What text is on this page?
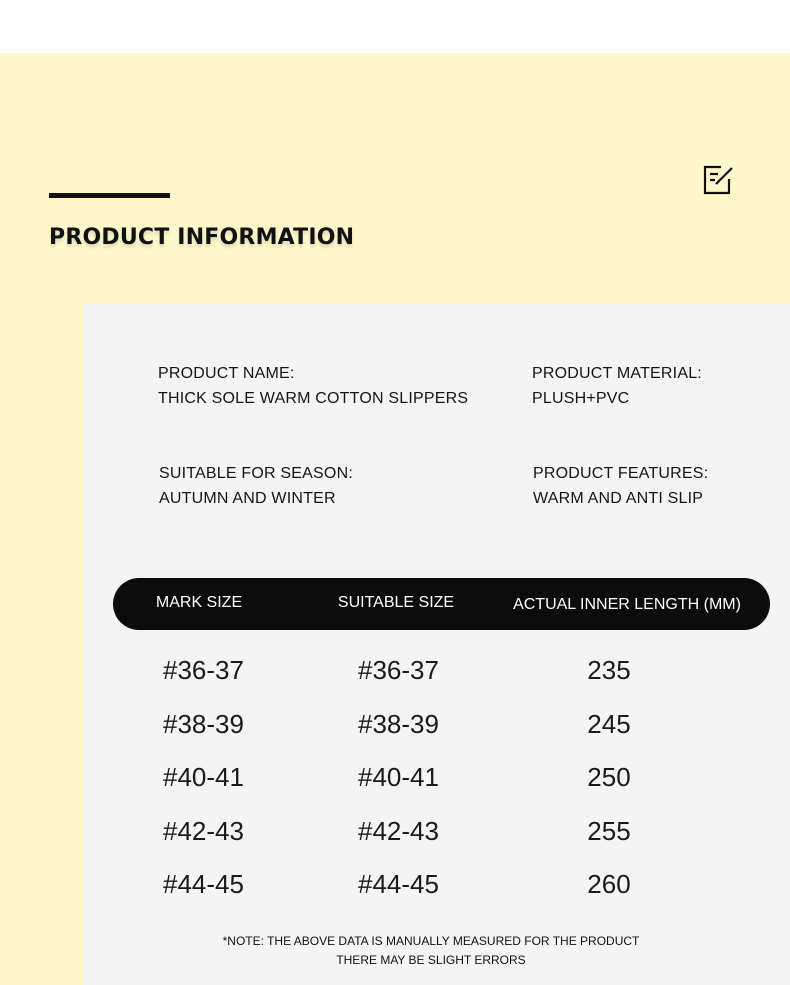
PRODUCT INFORMATION
PRODUCT NAME:
THICK SOLE WARM COTTON SLIPPERS
PRODUCT MATERIAL:
PLUSH+PVC
SUITABLE FOR SEASON:
AUTUMN AND WINTER
PRODUCT FEATURES:
WARM AND ANTI SLIP
MARK SIZE	SUITABLE SIZE	ACTUAL INNER LENGTH (MM)
#36-37	#36-37	235
#38-39	#38-39	245
#40-41	#40-41	250
#42-43	#42-43	255
#44-45	#44-45	260
*NOTE: THE ABOVE DATA IS MANUALLY MEASURED FOR THE PRODUCT
THERE MAY BE SLIGHT ERRORS
